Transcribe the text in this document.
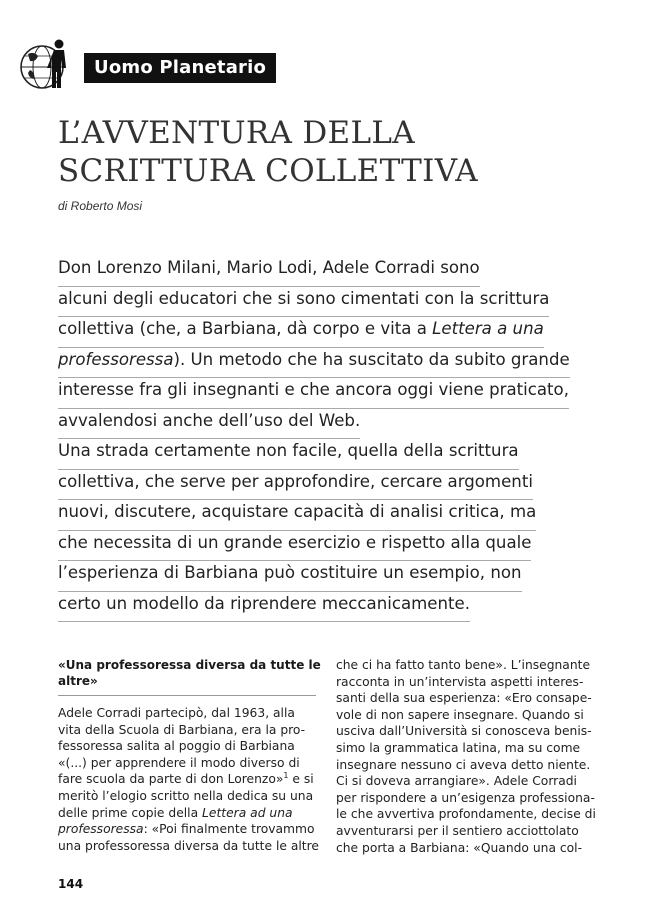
Uomo Planetario
L’AVVENTURA DELLA
SCRITTURA COLLETTIVA
di Roberto Mosi
Don Lorenzo Milani, Mario Lodi, Adele Corradi sono
alcuni degli educatori che si sono cimentati con la scrittura
collettiva (che, a Barbiana, dà corpo e vita a Lettera a una
professoressa). Un metodo che ha suscitato da subito grande
interesse fra gli insegnanti e che ancora oggi viene praticato,
avvalendosi anche dell’uso del Web.
Una strada certamente non facile, quella della scrittura
collettiva, che serve per approfondire, cercare argomenti
nuovi, discutere, acquistare capacità di analisi critica, ma
che necessita di un grande esercizio e rispetto alla quale
l’esperienza di Barbiana può costituire un esempio, non
certo un modello da riprendere meccanicamente.
«Una professoressa diversa da tutte le
altre»
Adele Corradi partecipò, dal 1963, alla
vita della Scuola di Barbiana, era la pro-
fessoressa salita al poggio di Barbiana
«(...) per apprendere il modo diverso di
fare scuola da parte di don Lorenzo»$^1$ e si
meritò l’elogio scritto nella dedica su una
delle prime copie della Lettera ad una
professoressa: «Poi finalmente trovammo
una professoressa diversa da tutte le altre
che ci ha fatto tanto bene». L’insegnante
racconta in un’intervista aspetti interes-
santi della sua esperienza: «Ero consape-
vole di non sapere insegnare. Quando si
usciva dall’Università si conosceva benis-
simo la grammatica latina, ma su come
insegnare nessuno ci aveva detto niente.
Ci si doveva arrangiare». Adele Corradi
per rispondere a un’esigenza professiona-
le che avvertiva profondamente, decise di
avventurarsi per il sentiero acciottolato
che porta a Barbiana: «Quando una col-
144
